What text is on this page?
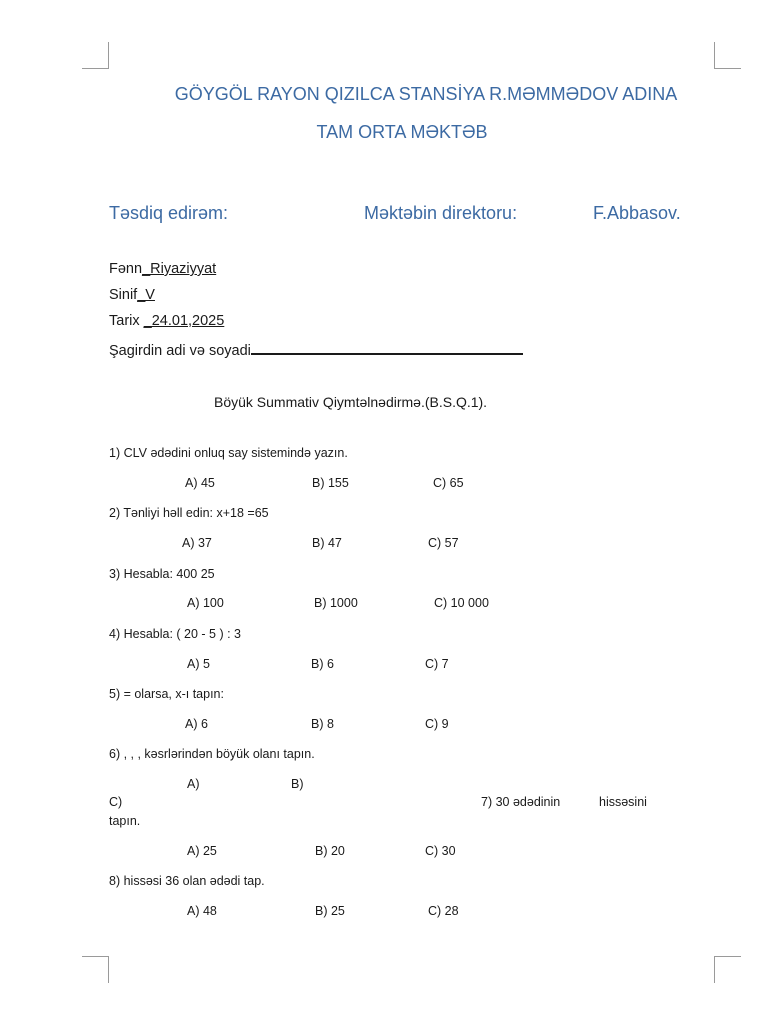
GÖYGÖL RAYON QIZILCA STANSİYA R.MƏMMƏDOV ADINA
TAM ORTA MƏKTƏB
Təsdiq edirəm:	Məktəbin direktoru:	F.Abbasov.
Fənn_Riyaziyyat
Sinif_V
Tarix _24.01,2025
Şagirdin adi və soyadi
Böyük Summativ Qiymtəlnədirmə.(B.S.Q.1).
1) CLV ədədini onluq say sistemində yazın.
A) 45	B) 155	C) 65
2) Tənliyi həll edin: x+18 =65
A) 37	B) 47	C) 57
3) Hesabla: 400 25
A) 100	B) 1000	C) 10 000
4) Hesabla: ( 20 - 5 ) : 3
A) 5	B) 6	C) 7
5) = olarsa, x-ı tapın:
A) 6	B) 8	C) 9
6) , , , kəsrlərindən böyük olanı tapın.
A)	B)
C)	7) 30 ədədinin	hissəsini
tapın.
A) 25	B) 20	C) 30
8) hissəsi 36 olan ədədi tap.
A) 48	B) 25	C) 28
